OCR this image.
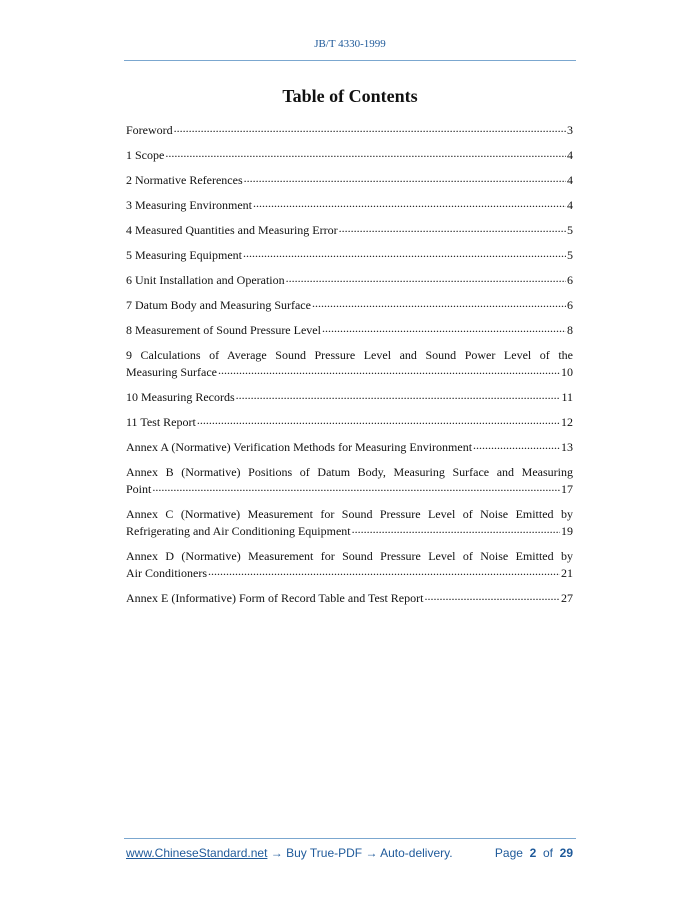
JB/T 4330-1999
Table of Contents
Foreword .....	3
1 Scope .....	4
2 Normative References .....	4
3 Measuring Environment .....	4
4 Measured Quantities and Measuring Error .....	5
5 Measuring Equipment .....	5
6 Unit Installation and Operation .....	6
7 Datum Body and Measuring Surface .....	6
8 Measurement of Sound Pressure Level .....	8
9 Calculations of Average Sound Pressure Level and Sound Power Level of the
Measuring Surface .....	10
10 Measuring Records .....	11
11 Test Report .....	12
Annex A (Normative) Verification Methods for Measuring Environment .....	13
Annex B (Normative) Positions of Datum Body, Measuring Surface and Measuring
Point .....	17
Annex C (Normative) Measurement for Sound Pressure Level of Noise Emitted by
Refrigerating and Air Conditioning Equipment .....	19
Annex D (Normative) Measurement for Sound Pressure Level of Noise Emitted by
Air Conditioners .....	21
Annex E (Informative) Form of Record Table and Test Report .....	27
www.ChineseStandard.net → Buy True-PDF → Auto-delivery.	Page 2 of 29
